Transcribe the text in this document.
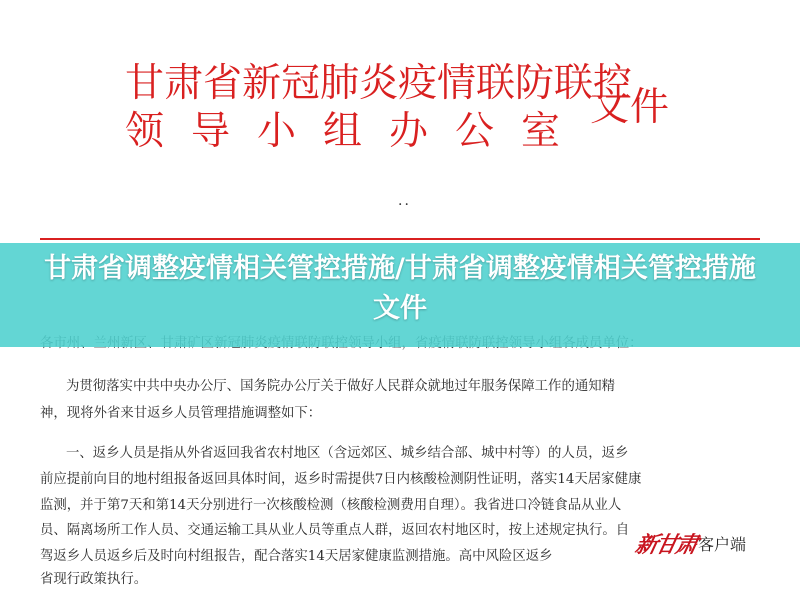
甘肃省新冠肺炎疫情联防联控
领导小组办公室
文件
··
为贯彻落实中共中央办公厅、国务院办公厅关于做好人民群众就地过年服务保障工作的通知精
神，现将外省来甘返乡人员管理措施调整如下：
一、返乡人员是指从外省返回我省农村地区（含远郊区、城乡结合部、城中村等）的人员，返乡
前应提前向目的地村组报备返回具体时间，返乡时需提供7日内核酸检测阴性证明，落实14天居家健康
监测，并于第7天和第14天分别进行一次核酸检测（核酸检测费用自理）。我省进口冷链食品从业人
员、隔离场所工作人员、交通运输工具从业人员等重点人群，返回农村地区时，按上述规定执行。自
驾返乡人员返乡后及时向村组报告，配合落实14天居家健康监测措施。高中风险区返乡
省现行政策执行。
甘肃省调整疫情相关管控措施/甘肃省调整疫情相关管控措施文件
新甘肃 客户端
